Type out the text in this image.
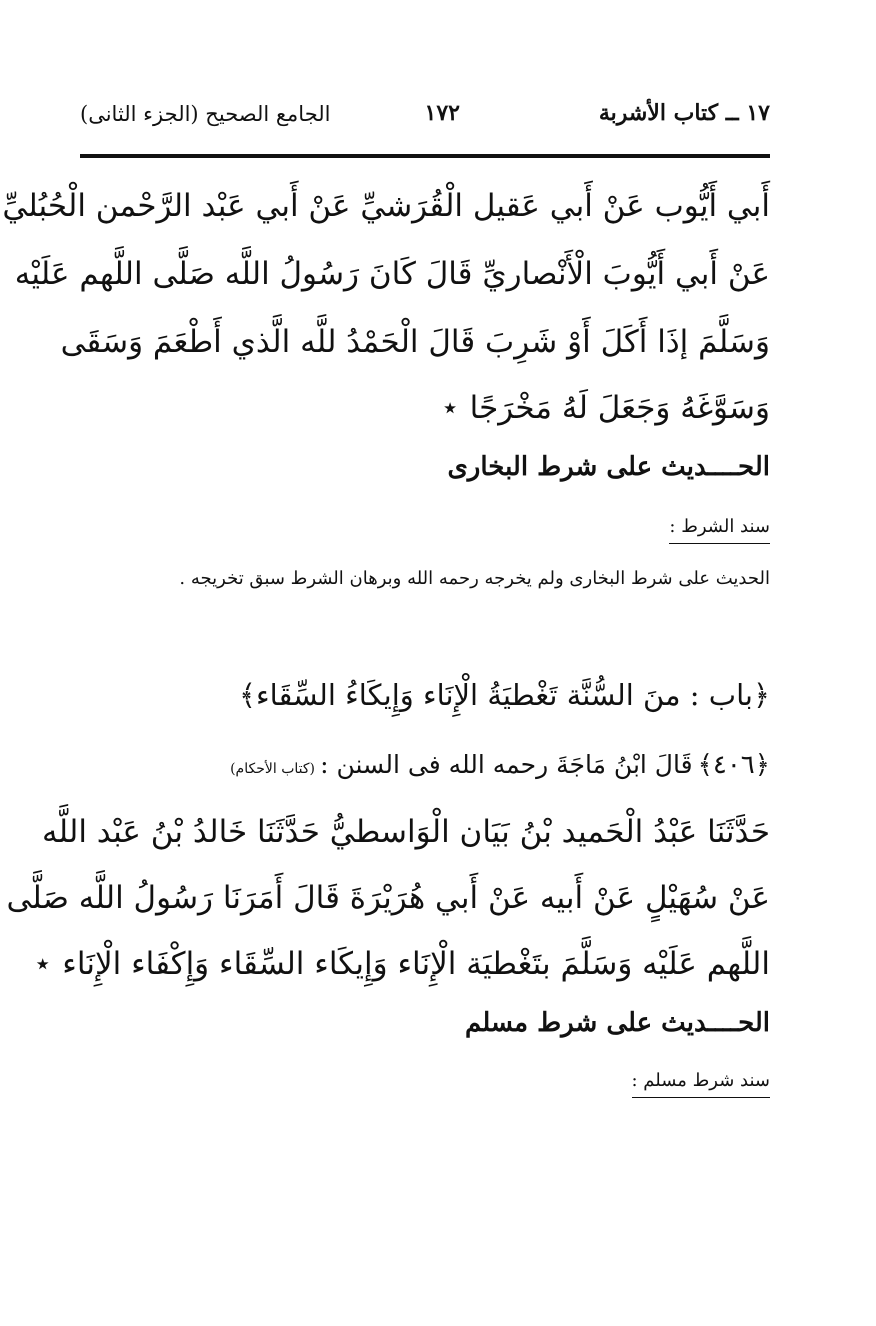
١٧ ــ كتاب الأشربة
١٧٢
الجامع الصحيح (الجزء الثانى)
أَبي أَيُّوب عَنْ أَبي عَقيل الْقُرَشيِّ عَنْ أَبي عَبْد الرَّحْمن الْحُبُليِّ
عَنْ أَبي أَيُّوبَ الْأَنْصاريِّ قَالَ كَانَ رَسُولُ اللَّه صَلَّى اللَّهم عَلَيْه
وَسَلَّمَ إذَا أَكَلَ أَوْ شَرِبَ قَالَ الْحَمْدُ للَّه الَّذي أَطْعَمَ وَسَقَى
وَسَوَّغَهُ وَجَعَلَ لَهُ مَخْرَجًا ⋆
الحــــديث على شرط البخارى
سند الشرط :
الحديث على شرط البخارى ولم يخرجه رحمه الله وبرهان الشرط سبق تخريجه .
﴿باب : منَ السُّنَّة تَغْطيَةُ الْإِنَاء وَإِيكَاءُ السِّقَاء﴾
﴿٤٠٦﴾ قَالَ ابْنُ مَاجَةَ رحمه الله فى السنن : (كتاب الأحكام)
حَدَّثَنَا عَبْدُ الْحَميد بْنُ بَيَان الْوَاسطيُّ حَدَّثَنَا خَالدُ بْنُ عَبْد اللَّه
عَنْ سُهَيْلٍ عَنْ أَبيه عَنْ أَبي هُرَيْرَةَ قَالَ أَمَرَنَا رَسُولُ اللَّه صَلَّى
اللَّهم عَلَيْه وَسَلَّمَ بتَغْطيَة الْإِنَاء وَإِيكَاء السِّقَاء وَإِكْفَاء الْإِنَاء ⋆
الحــــديث على شرط مسلم
سند شرط مسلم :
